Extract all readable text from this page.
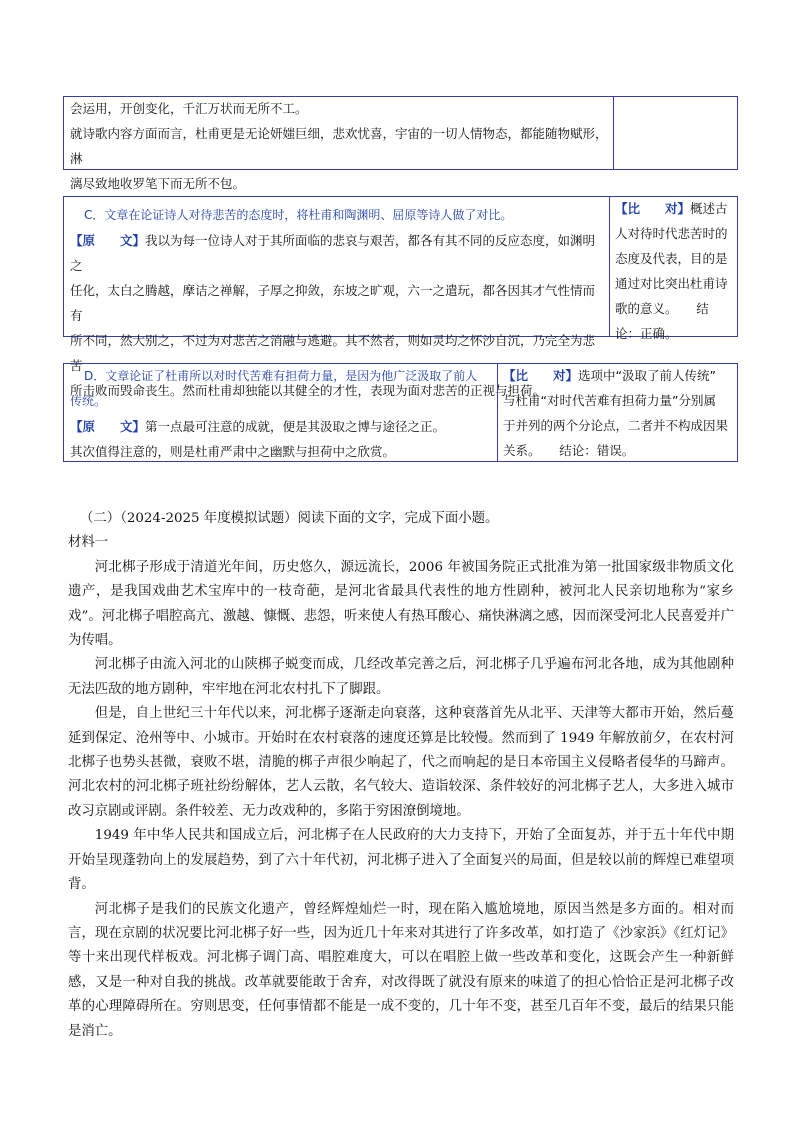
会运用，开创变化，千汇万状而无所不工。

就诗歌内容方面而言，杜甫更是无论妍媸巨细，悲欢忧喜，宇宙的一切人情物态，都能随物赋形，淋

漓尽致地收罗笔下而无所不包。

C．文章在论证诗人对待悲苦的态度时，将杜甫和陶渊明、屈原等诗人做了对比。

【原　　文】我以为每一位诗人对于其所面临的悲哀与艰苦，都各有其不同的反应态度，如渊明之

任化，太白之腾越，摩诘之禅解，子厚之抑敛，东坡之旷观，六一之遣玩，都各因其才气性情而有

所不同，然大别之，不过为对悲苦之消融与逃避。其不然者，则如灵均之怀沙自沉，乃完全为悲苦

所击败而毁命丧生。然而杜甫却独能以其健全的才性，表现为面对悲苦的正视与担荷。

【比　　对】概述古

人对待时代悲苦时的

态度及代表，目的是

通过对比突出杜甫诗

歌的意义。　　结

论：正确。

D．文章论证了杜甫所以对时代苦难有担荷力量，是因为他广泛汲取了前人

传统。

【原　　文】第一点最可注意的成就，便是其汲取之博与途径之正。

其次值得注意的，则是杜甫严肃中之幽默与担荷中之欣赏。

【比　　对】选项中“汲取了前人传统”

与杜甫“对时代苦难有担荷力量”分别属

于并列的两个分论点，二者并不构成因果

关系。　　结论：错误。

（二）（2024-2025 年度模拟试题）阅读下面的文字，完成下面小题。

材料一

河北梆子形成于清道光年间，历史悠久，源远流长，2006 年被国务院正式批准为第一批国家级非物质文化遗产，是我国戏曲艺术宝库中的一枝奇葩，是河北省最具代表性的地方性剧种，被河北人民亲切地称为“家乡戏”。河北梆子唱腔高亢、激越、慷慨、悲怨，听来使人有热耳酸心、痛快淋漓之感，因而深受河北人民喜爱并广为传唱。

河北梆子由流入河北的山陕梆子蜕变而成，几经改革完善之后，河北梆子几乎遍布河北各地，成为其他剧种无法匹敌的地方剧种，牢牢地在河北农村扎下了脚跟。

但是，自上世纪三十年代以来，河北梆子逐渐走向衰落，这种衰落首先从北平、天津等大都市开始，然后蔓延到保定、沧州等中、小城市。开始时在农村衰落的速度还算是比较慢。然而到了 1949 年解放前夕，在农村河北梆子也势头甚微，衰败不堪，清脆的梆子声很少响起了，代之而响起的是日本帝国主义侵略者侵华的马蹄声。河北农村的河北梆子班社纷纷解体，艺人云散，名气较大、造诣较深、条件较好的河北梆子艺人，大多进入城市改习京剧或评剧。条件较差、无力改戏种的，多陷于穷困潦倒境地。

1949 年中华人民共和国成立后，河北梆子在人民政府的大力支持下，开始了全面复苏，并于五十年代中期开始呈现蓬勃向上的发展趋势，到了六十年代初，河北梆子进入了全面复兴的局面，但是较以前的辉煌已难望项背。

河北梆子是我们的民族文化遗产，曾经辉煌灿烂一时，现在陷入尴尬境地，原因当然是多方面的。相对而言，现在京剧的状况要比河北梆子好一些，因为近几十年来对其进行了许多改革，如打造了《沙家浜》《红灯记》等十来出现代样板戏。河北梆子调门高、唱腔难度大，可以在唱腔上做一些改革和变化，这既会产生一种新鲜感，又是一种对自我的挑战。改革就要能敢于舍弃，对改得既了就没有原来的味道了的担心恰恰正是河北梆子改革的心理障碍所在。穷则思变，任何事情都不能是一成不变的，几十年不变，甚至几百年不变，最后的结果只能是消亡。
